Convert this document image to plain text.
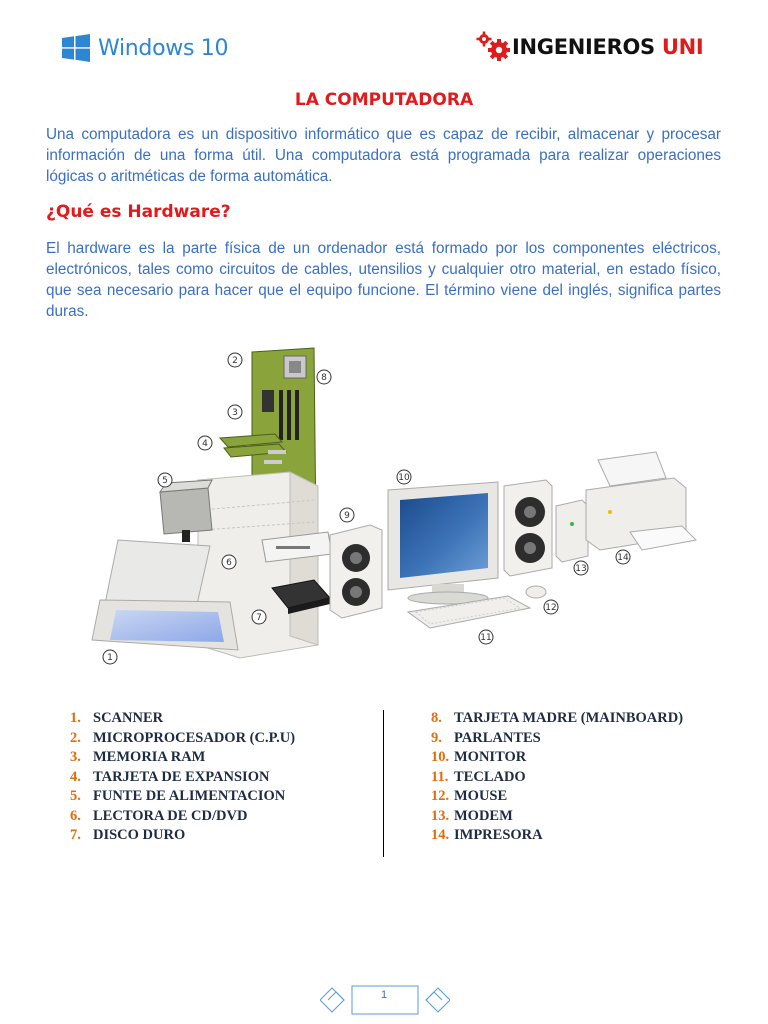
Windows 10	INGENIEROS UNI
LA COMPUTADORA
Una computadora es un dispositivo informático que es capaz de recibir, almacenar y procesar información de una forma útil. Una computadora está programada para realizar operaciones lógicas o aritméticas de forma automática.
¿Qué es Hardware?
El hardware es la parte física de un ordenador está formado por los componentes eléctricos, electrónicos, tales como circuitos de cables, utensilios y cualquier otro material, en estado físico, que sea necesario para hacer que el equipo funcione. El término viene del inglés, significa partes duras.
1
2
3
4
5
6
7
8
9
10
11
12
13
14
1. SCANNER
2. MICROPROCESADOR (C.P.U)
3. MEMORIA RAM
4. TARJETA DE EXPANSION
5. FUNTE DE ALIMENTACION
6. LECTORA DE CD/DVD
7. DISCO DURO
8. TARJETA MADRE (MAINBOARD)
9. PARLANTES
10. MONITOR
11. TECLADO
12. MOUSE
13. MODEM
14. IMPRESORA
1
